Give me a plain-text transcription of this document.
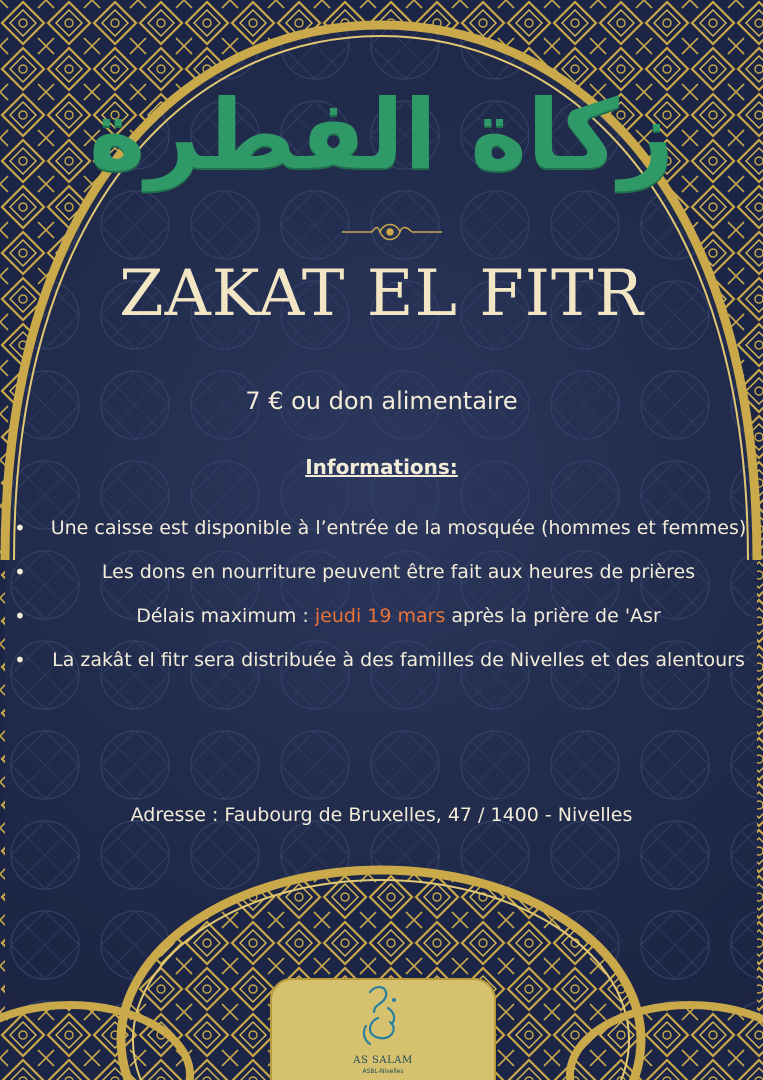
زكاة الفطرة
ZAKAT EL FITR
7 € ou don alimentaire
Informations:
• Une caisse est disponible à l’entrée de la mosquée (hommes et femmes)
•	Les dons en nourriture peuvent être fait aux heures de prières
•	Délais maximum : jeudi 19 mars après la prière de 'Asr
• La zakât el fitr sera distribuée à des familles de Nivelles et des alentours
Adresse : Faubourg de Bruxelles, 47 / 1400 - Nivelles
AS SALAM
ASBL-Nivelles
